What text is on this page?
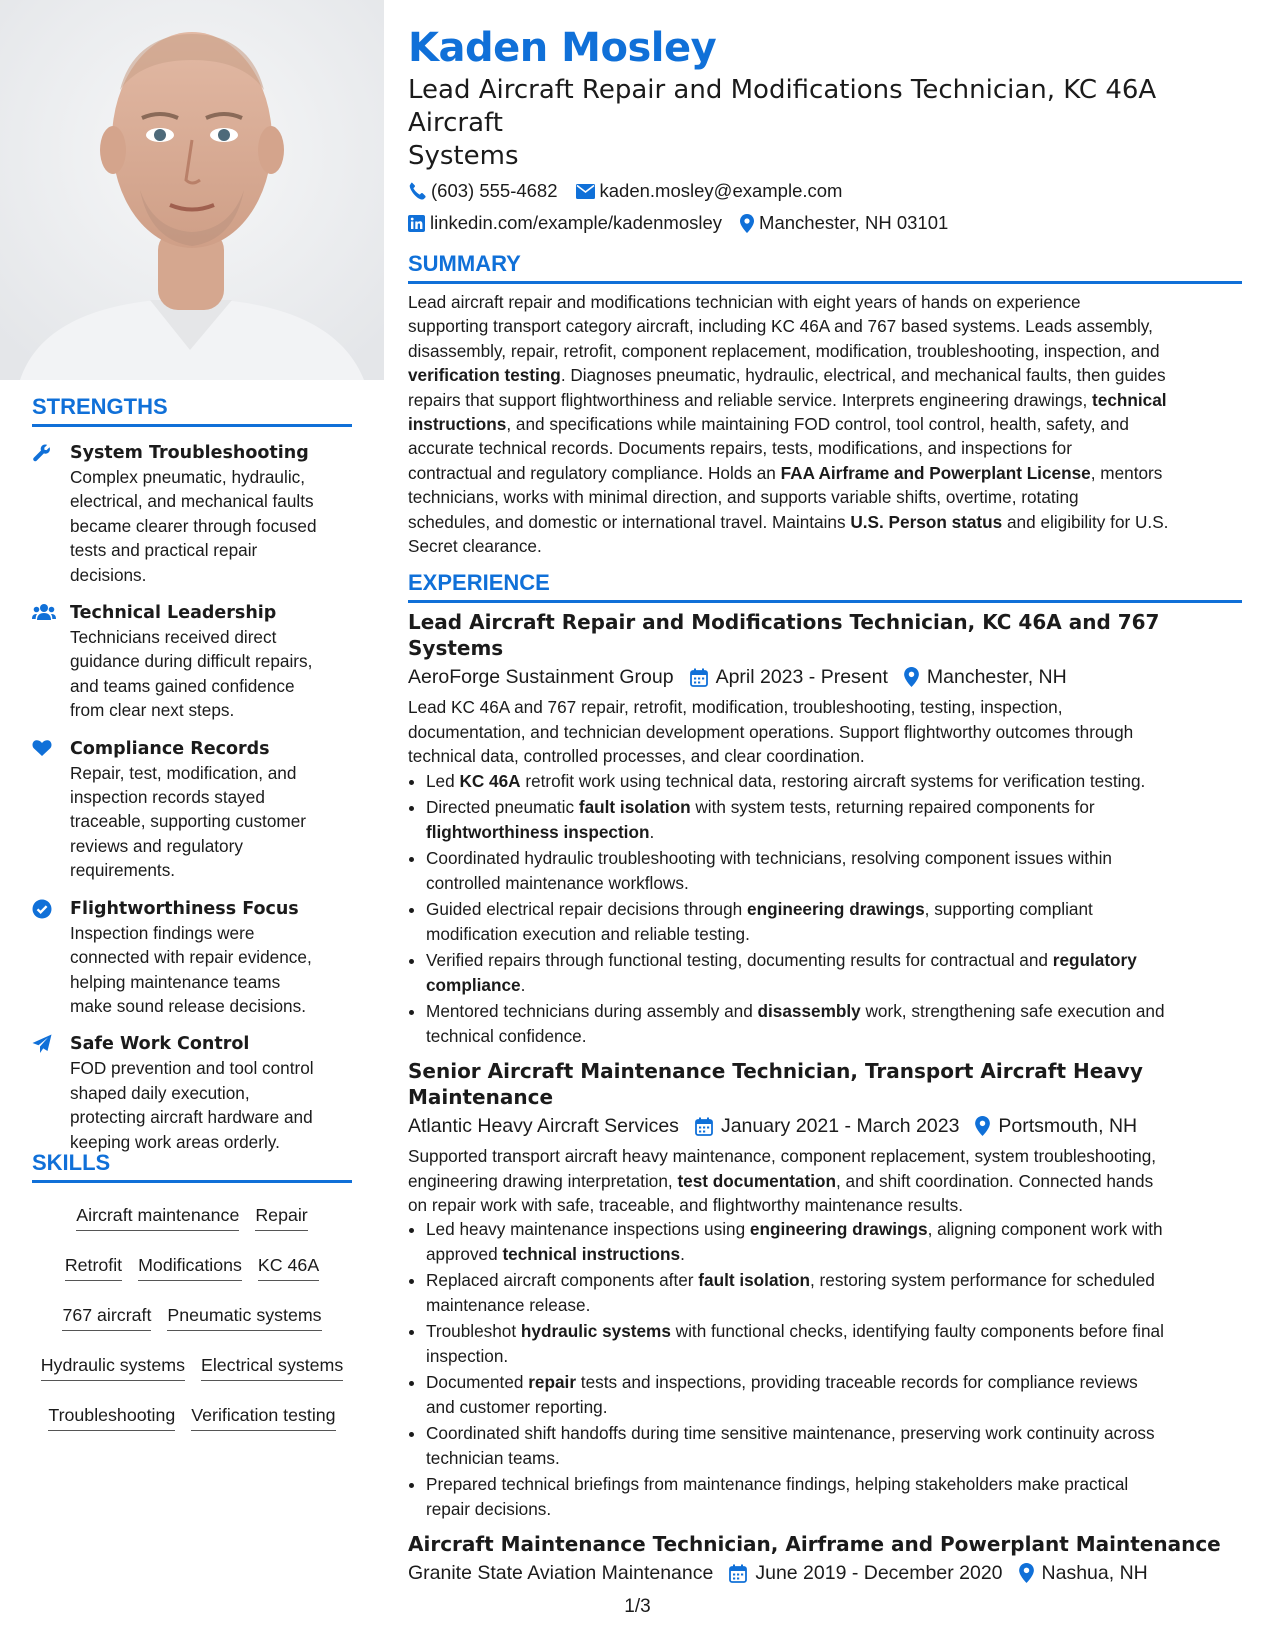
STRENGTHS
System Troubleshooting
Complex pneumatic, hydraulic,
electrical, and mechanical faults
became clearer through focused
tests and practical repair
decisions.
Technical Leadership
Technicians received direct
guidance during difficult repairs,
and teams gained confidence
from clear next steps.
Compliance Records
Repair, test, modification, and
inspection records stayed
traceable, supporting customer
reviews and regulatory
requirements.
Flightworthiness Focus
Inspection findings were
connected with repair evidence,
helping maintenance teams
make sound release decisions.
Safe Work Control
FOD prevention and tool control
shaped daily execution,
protecting aircraft hardware and
keeping work areas orderly.
SKILLS
Aircraft maintenance Repair
Retrofit Modifications KC 46A
767 aircraft Pneumatic systems
Hydraulic systems Electrical systems
Troubleshooting Verification testing
Kaden Mosley
Lead Aircraft Repair and Modifications Technician, KC 46A Aircraft
Systems
(603) 555-4682 kaden.mosley@example.com
linkedin.com/example/kadenmosley Manchester, NH 03101
SUMMARY
Lead aircraft repair and modifications technician with eight years of hands on experience
supporting transport category aircraft, including KC 46A and 767 based systems. Leads assembly,
disassembly, repair, retrofit, component replacement, modification, troubleshooting, inspection, and
verification testing. Diagnoses pneumatic, hydraulic, electrical, and mechanical faults, then guides
repairs that support flightworthiness and reliable service. Interprets engineering drawings, technical
instructions, and specifications while maintaining FOD control, tool control, health, safety, and
accurate technical records. Documents repairs, tests, modifications, and inspections for
contractual and regulatory compliance. Holds an FAA Airframe and Powerplant License, mentors
technicians, works with minimal direction, and supports variable shifts, overtime, rotating
schedules, and domestic or international travel. Maintains U.S. Person status and eligibility for U.S.
Secret clearance.
EXPERIENCE
Lead Aircraft Repair and Modifications Technician, KC 46A and 767 Systems
AeroForge Sustainment Group April 2023 - Present Manchester, NH
Lead KC 46A and 767 repair, retrofit, modification, troubleshooting, testing, inspection,
documentation, and technician development operations. Support flightworthy outcomes through
technical data, controlled processes, and clear coordination.
• Led KC 46A retrofit work using technical data, restoring aircraft systems for verification testing.
• Directed pneumatic fault isolation with system tests, returning repaired components for
flightworthiness inspection.
• Coordinated hydraulic troubleshooting with technicians, resolving component issues within
controlled maintenance workflows.
• Guided electrical repair decisions through engineering drawings, supporting compliant
modification execution and reliable testing.
• Verified repairs through functional testing, documenting results for contractual and regulatory
compliance.
• Mentored technicians during assembly and disassembly work, strengthening safe execution and
technical confidence.
Senior Aircraft Maintenance Technician, Transport Aircraft Heavy
Maintenance
Atlantic Heavy Aircraft Services January 2021 - March 2023 Portsmouth, NH
Supported transport aircraft heavy maintenance, component replacement, system troubleshooting,
engineering drawing interpretation, test documentation, and shift coordination. Connected hands
on repair work with safe, traceable, and flightworthy maintenance results.
• Led heavy maintenance inspections using engineering drawings, aligning component work with
approved technical instructions.
• Replaced aircraft components after fault isolation, restoring system performance for scheduled
maintenance release.
• Troubleshot hydraulic systems with functional checks, identifying faulty components before final
inspection.
• Documented repair tests and inspections, providing traceable records for compliance reviews
and customer reporting.
• Coordinated shift handoffs during time sensitive maintenance, preserving work continuity across
technician teams.
• Prepared technical briefings from maintenance findings, helping stakeholders make practical
repair decisions.
Aircraft Maintenance Technician, Airframe and Powerplant Maintenance
Granite State Aviation Maintenance June 2019 - December 2020 Nashua, NH
1/3
